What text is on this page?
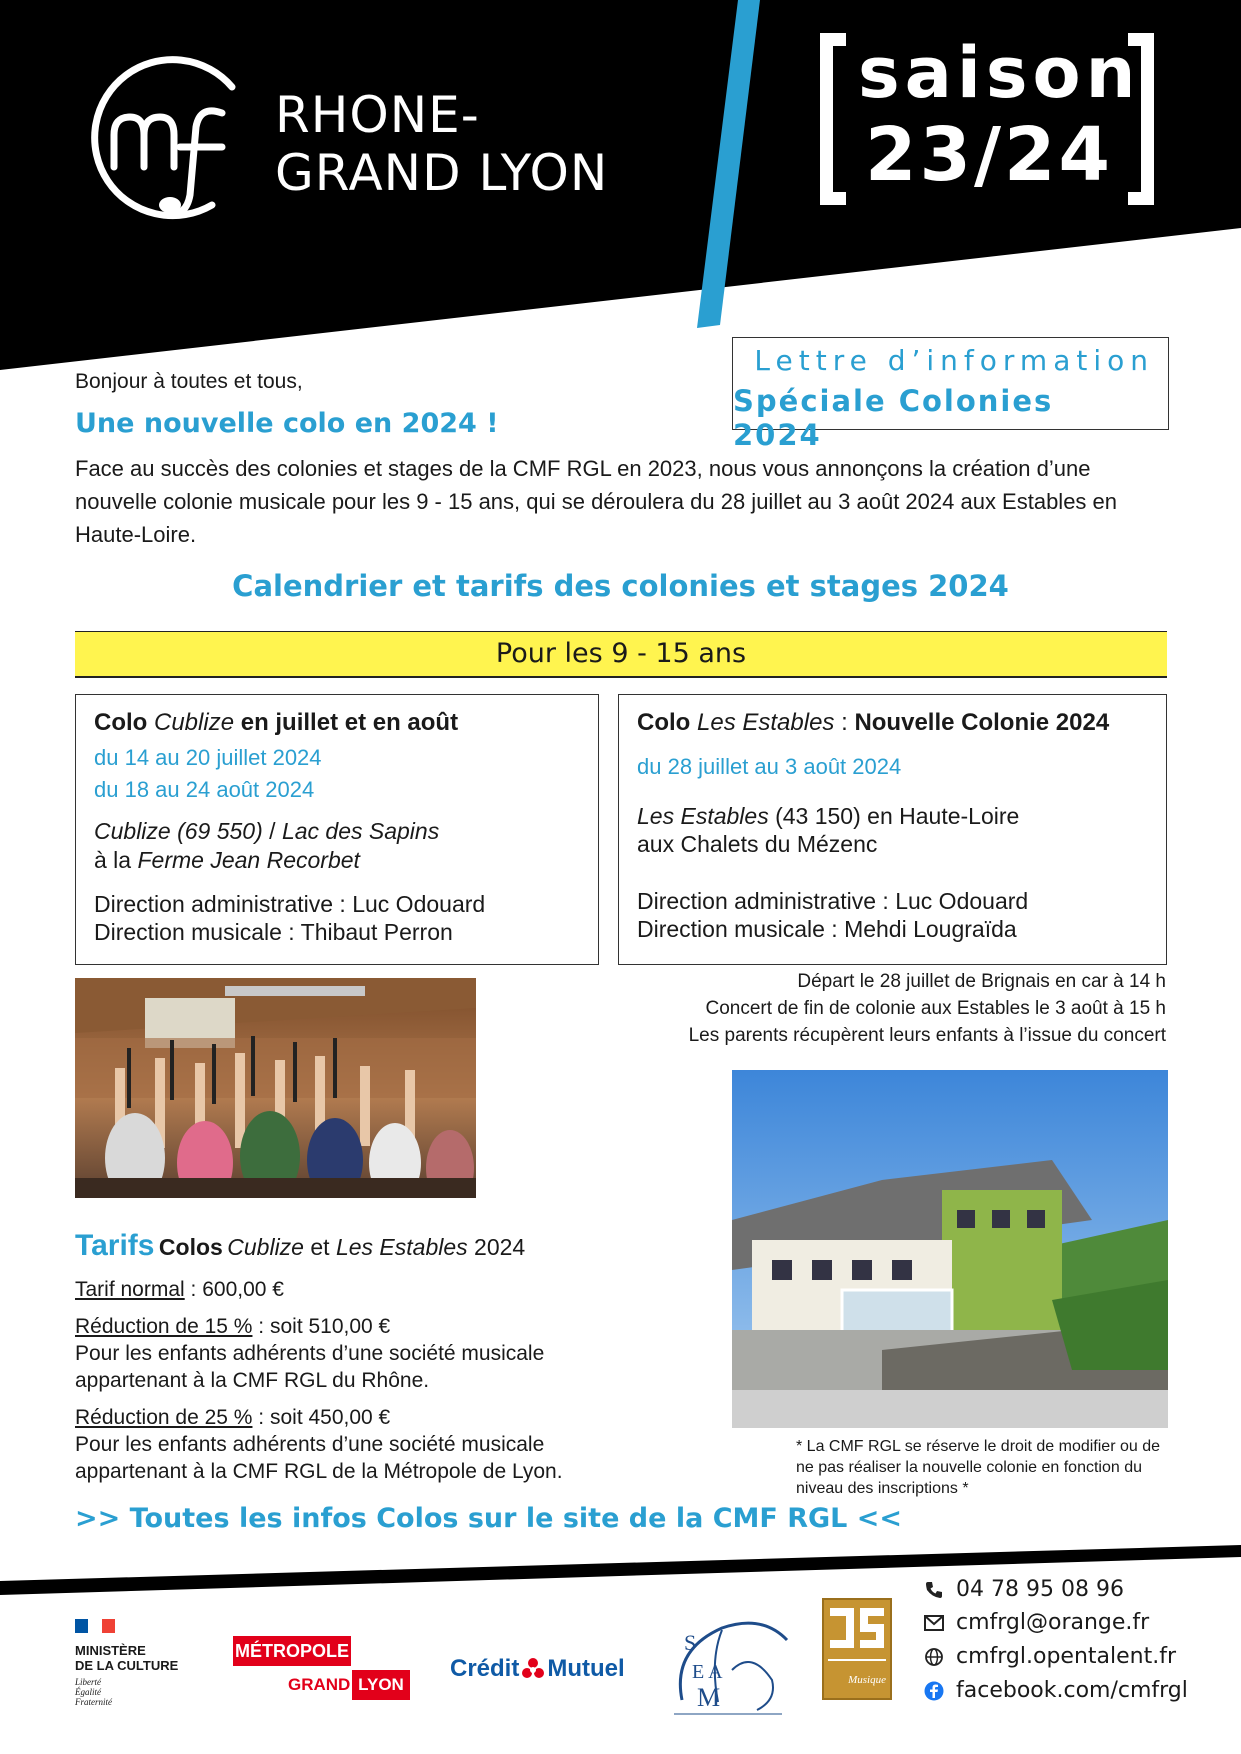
RHONE-
GRAND LYON
saison
23/24
Lettre d’information
Spéciale Colonies 2024
Bonjour à toutes et tous,
Une nouvelle colo en 2024 !
Face au succès des colonies et stages de la CMF RGL en 2023, nous vous annonçons la création d’une nouvelle colonie musicale pour les 9 - 15 ans, qui se déroulera du 28 juillet au 3 août 2024 aux Estables en Haute-Loire.
Calendrier et tarifs des colonies et stages 2024
Pour les 9 - 15 ans
Colo Cublize en juillet et en août
du 14 au 20 juillet 2024
du 18 au 24 août 2024
Cublize (69 550) / Lac des Sapins
à la Ferme Jean Recorbet
Direction administrative : Luc Odouard
Direction musicale : Thibaut Perron
Colo Les Estables : Nouvelle Colonie 2024
du 28 juillet au 3 août 2024
Les Estables (43 150) en Haute-Loire
aux Chalets du Mézenc
Direction administrative : Luc Odouard
Direction musicale : Mehdi Lougraïda
Départ le 28 juillet de Brignais en car à 14 h
Concert de fin de colonie aux Estables le 3 août à 15 h
Les parents récupèrent leurs enfants à l’issue du concert
Tarifs Colos Cublize et Les Estables 2024
Tarif normal : 600,00 €
Réduction de 15 % : soit 510,00 €
Pour les enfants adhérents d’une société musicale appartenant à la CMF RGL du Rhône.
Réduction de 25 % : soit 450,00 €
Pour les enfants adhérents d’une société musicale appartenant à la CMF RGL de la Métropole de Lyon.
* La CMF RGL se réserve le droit de modifier ou de ne pas réaliser la nouvelle colonie en fonction du niveau des inscriptions *
>> Toutes les infos Colos sur le site de la CMF RGL <<
MINISTÈRE
DE LA CULTURE
Liberté
Égalité
Fraternité
MÉTROPOLE
GRAND LYON
Crédit Mutuel
S
E A
M
Musique
04 78 95 08 96
cmfrgl@orange.fr
cmfrgl.opentalent.fr
facebook.com/cmfrgl
